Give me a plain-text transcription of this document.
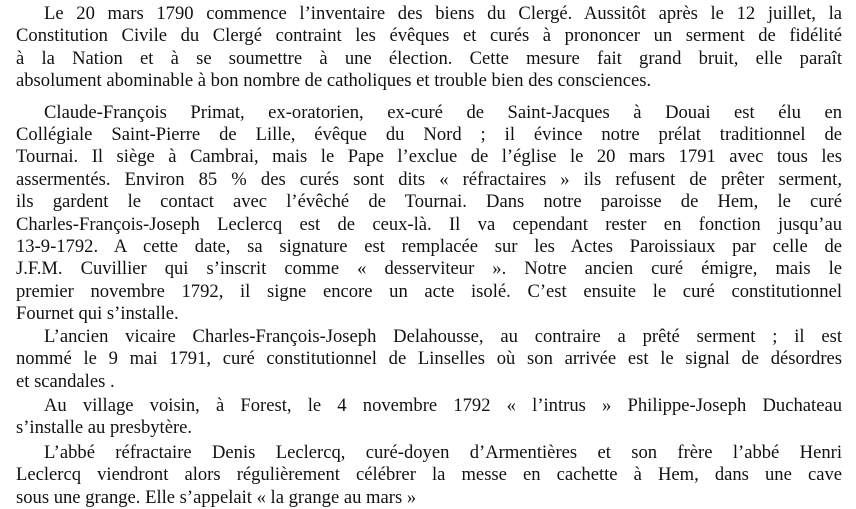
Le 20 mars 1790 commence l’inventaire des biens du Clergé. Aussitôt après le 12 juillet, la
Constitution Civile du Clergé contraint les évêques et curés à prononcer un serment de fidélité
à la Nation et à se soumettre à une élection. Cette mesure fait grand bruit, elle paraît
absolument abominable à bon nombre de catholiques et trouble bien des consciences.

Claude-François Primat, ex-oratorien, ex-curé de Saint-Jacques à Douai est élu en
Collégiale Saint-Pierre de Lille, évêque du Nord ; il évince notre prélat traditionnel de
Tournai. Il siège à Cambrai, mais le Pape l’exclue de l’église le 20 mars 1791 avec tous les
assermentés. Environ 85 % des curés sont dits « réfractaires » ils refusent de prêter serment,
ils gardent le contact avec l’évêché de Tournai. Dans notre paroisse de Hem, le curé
Charles-François-Joseph Leclercq est de ceux-là. Il va cependant rester en fonction jusqu’au
13-9-1792. A cette date, sa signature est remplacée sur les Actes Paroissiaux par celle de
J.F.M. Cuvillier qui s’inscrit comme « desserviteur ». Notre ancien curé émigre, mais le
premier novembre 1792, il signe encore un acte isolé. C’est ensuite le curé constitutionnel
Fournet qui s’installe.

L’ancien vicaire Charles-François-Joseph Delahousse, au contraire a prêté serment ; il est
nommé le 9 mai 1791, curé constitutionnel de Linselles où son arrivée est le signal de désordres
et scandales .

Au village voisin, à Forest, le 4 novembre 1792 « l’intrus » Philippe-Joseph Duchateau
s’installe au presbytère.

L’abbé réfractaire Denis Leclercq, curé-doyen d’Armentières et son frère l’abbé Henri
Leclercq viendront alors régulièrement célébrer la messe en cachette à Hem, dans une cave
sous une grange. Elle s’appelait « la grange au mars »
